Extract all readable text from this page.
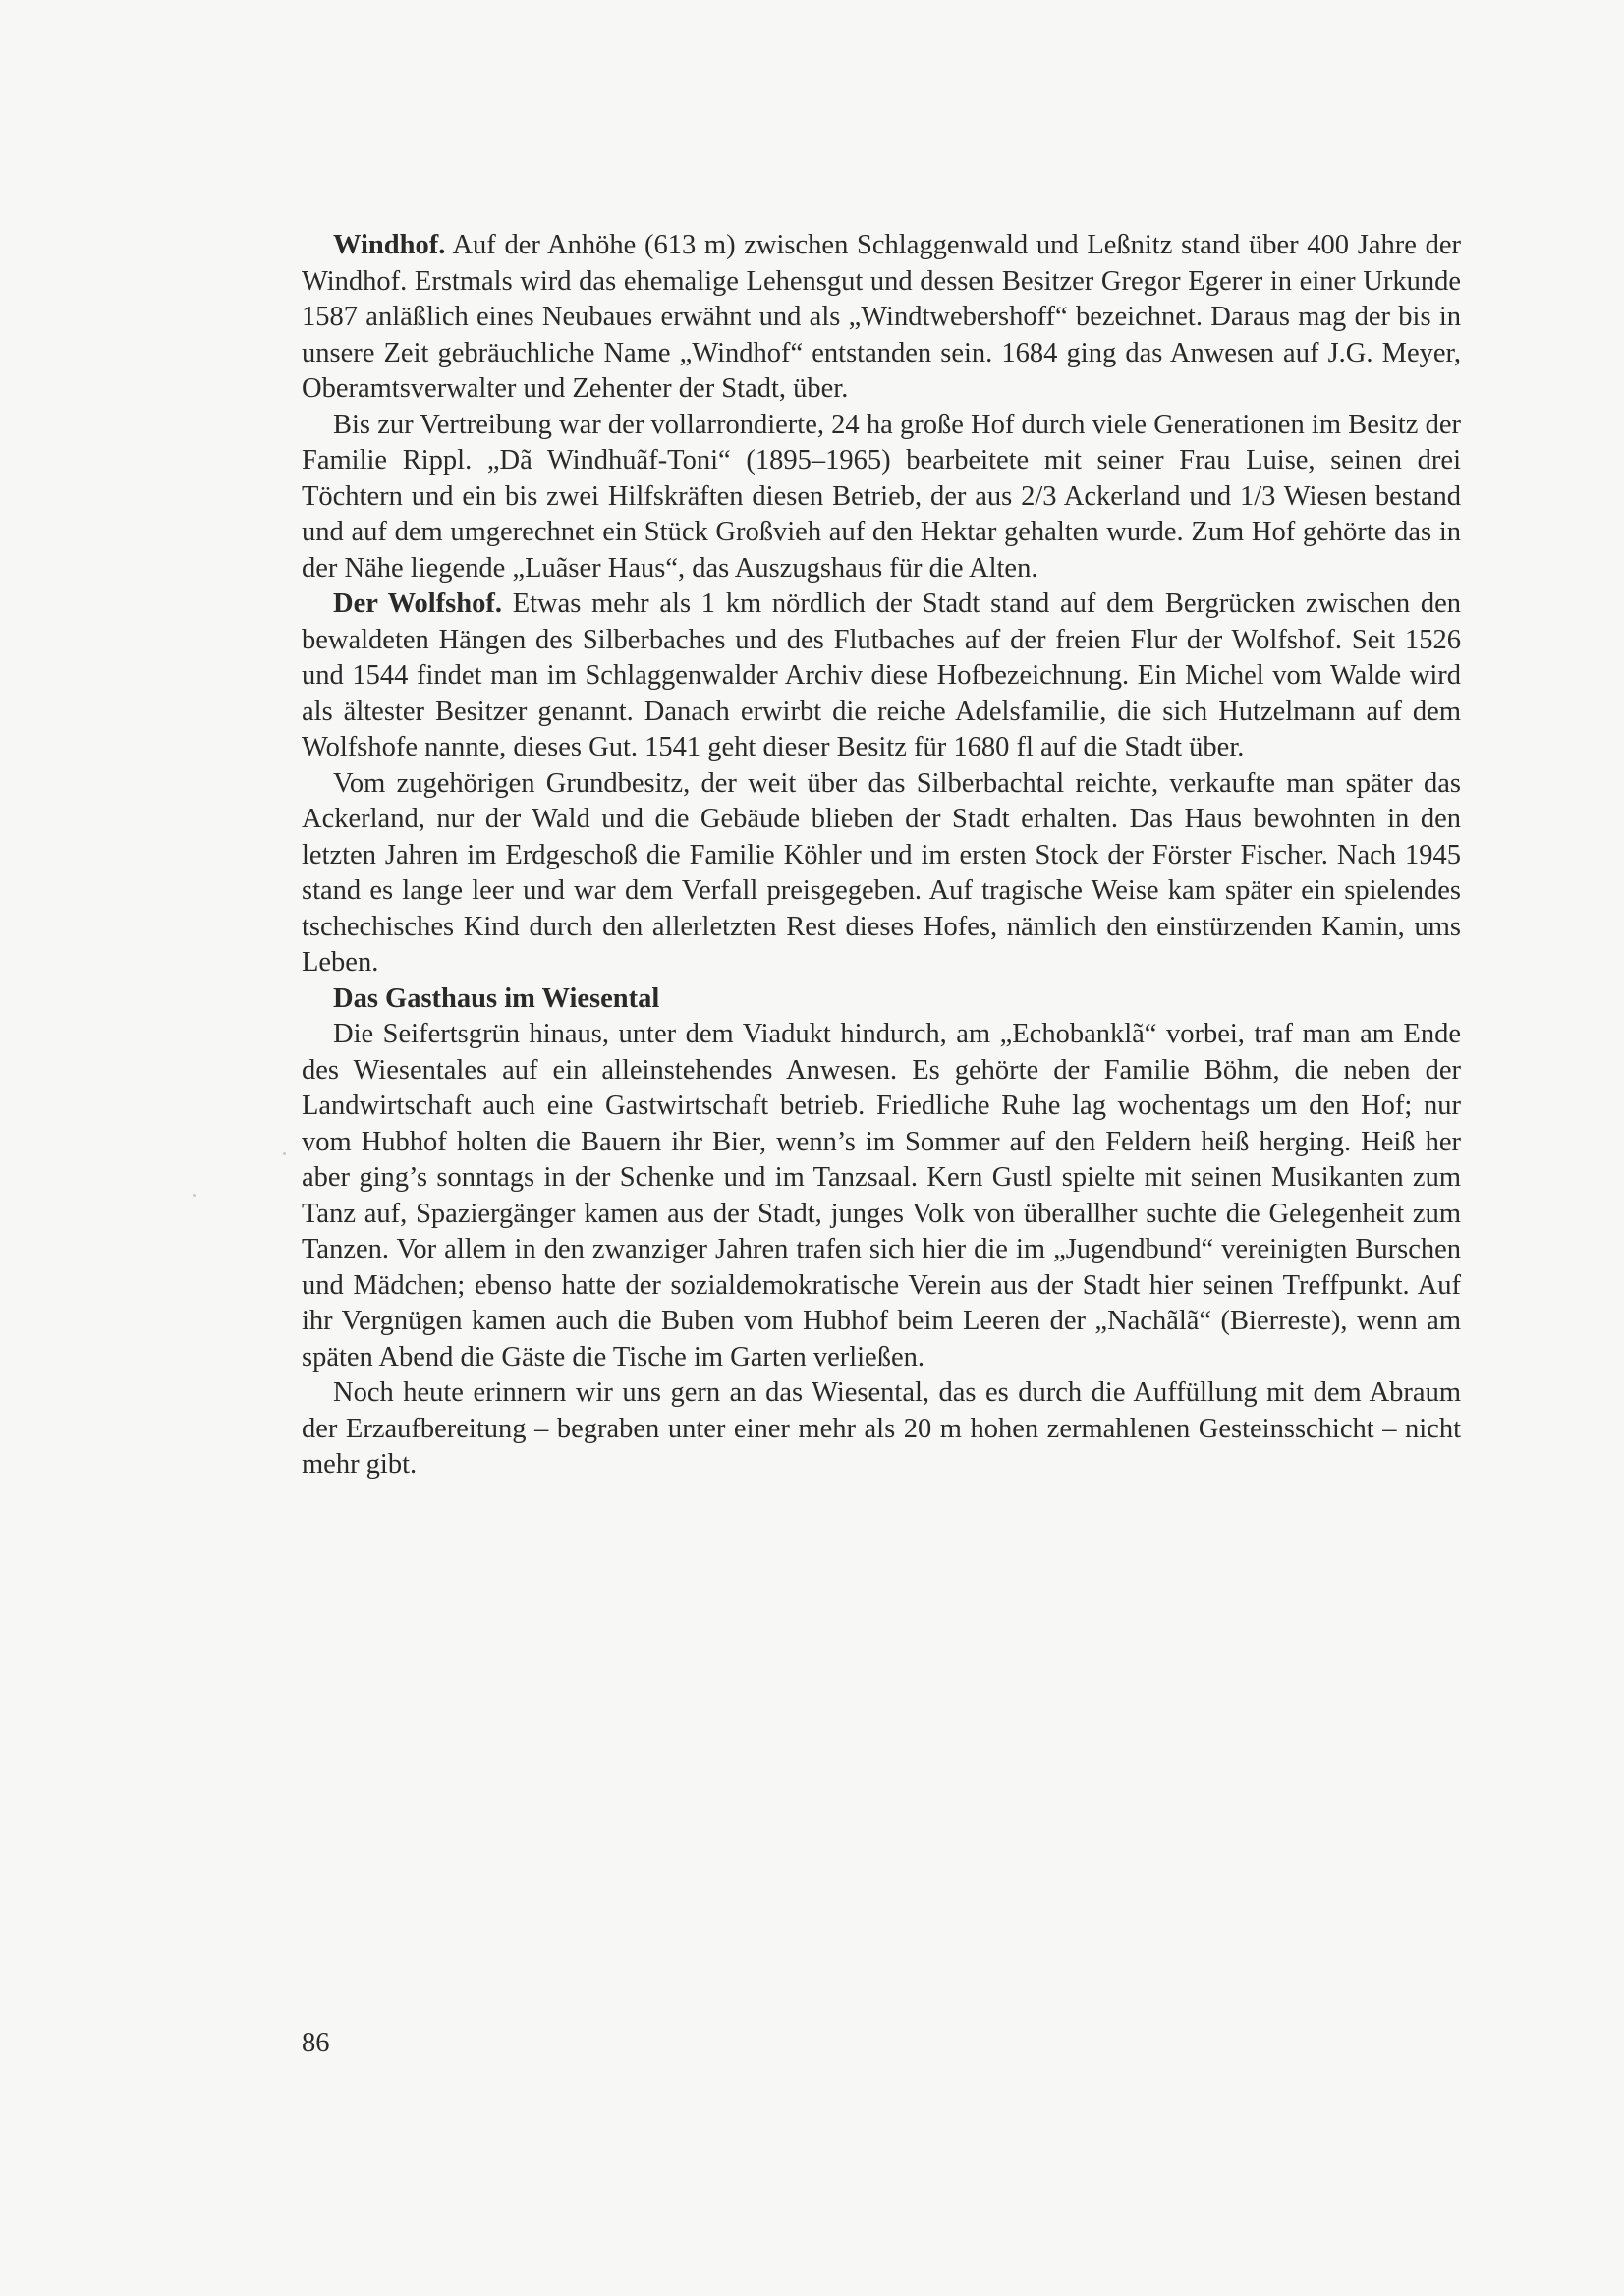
Windhof. Auf der Anhöhe (613 m) zwischen Schlaggenwald und Leßnitz stand über 400 Jahre der Windhof. Erstmals wird das ehemalige Lehensgut und dessen Besitzer Gregor Egerer in einer Urkunde 1587 anläßlich eines Neubaues erwähnt und als „Windtwebershoff“ bezeichnet. Daraus mag der bis in unsere Zeit gebräuchliche Name „Windhof“ entstanden sein. 1684 ging das Anwesen auf J.G. Meyer, Oberamtsverwalter und Zehenter der Stadt, über.

Bis zur Vertreibung war der vollarrondierte, 24 ha große Hof durch viele Generationen im Besitz der Familie Rippl. „Dã Windhuãf-Toni“ (1895–1965) bearbeitete mit seiner Frau Luise, seinen drei Töchtern und ein bis zwei Hilfskräften diesen Betrieb, der aus 2/3 Ackerland und 1/3 Wiesen bestand und auf dem umgerechnet ein Stück Großvieh auf den Hektar gehalten wurde. Zum Hof gehörte das in der Nähe liegende „Luãser Haus“, das Auszugshaus für die Alten.

Der Wolfshof. Etwas mehr als 1 km nördlich der Stadt stand auf dem Bergrücken zwischen den bewaldeten Hängen des Silberbaches und des Flutbaches auf der freien Flur der Wolfshof. Seit 1526 und 1544 findet man im Schlaggenwalder Archiv diese Hofbezeichnung. Ein Michel vom Walde wird als ältester Besitzer genannt. Danach erwirbt die reiche Adelsfamilie, die sich Hutzelmann auf dem Wolfshofe nannte, dieses Gut. 1541 geht dieser Besitz für 1680 fl auf die Stadt über.

Vom zugehörigen Grundbesitz, der weit über das Silberbachtal reichte, verkaufte man später das Ackerland, nur der Wald und die Gebäude blieben der Stadt erhalten. Das Haus bewohnten in den letzten Jahren im Erdgeschoß die Familie Köhler und im ersten Stock der Förster Fischer. Nach 1945 stand es lange leer und war dem Verfall preisgegeben. Auf tragische Weise kam später ein spielendes tschechisches Kind durch den allerletzten Rest dieses Hofes, nämlich den einstürzenden Kamin, ums Leben.

Das Gasthaus im Wiesental

Die Seifertsgrün hinaus, unter dem Viadukt hindurch, am „Echobanklã“ vorbei, traf man am Ende des Wiesentales auf ein alleinstehendes Anwesen. Es gehörte der Familie Böhm, die neben der Landwirtschaft auch eine Gastwirtschaft betrieb. Friedliche Ruhe lag wochentags um den Hof; nur vom Hubhof holten die Bauern ihr Bier, wenn’s im Sommer auf den Feldern heiß herging. Heiß her aber ging’s sonntags in der Schenke und im Tanzsaal. Kern Gustl spielte mit seinen Musikanten zum Tanz auf, Spaziergänger kamen aus der Stadt, junges Volk von überallher suchte die Gelegenheit zum Tanzen. Vor allem in den zwanziger Jahren trafen sich hier die im „Jugendbund“ vereinigten Burschen und Mädchen; ebenso hatte der sozialdemokratische Verein aus der Stadt hier seinen Treffpunkt. Auf ihr Vergnügen kamen auch die Buben vom Hubhof beim Leeren der „Nachãlã“ (Bierreste), wenn am späten Abend die Gäste die Tische im Garten verließen.

Noch heute erinnern wir uns gern an das Wiesental, das es durch die Auffüllung mit dem Abraum der Erzaufbereitung – begraben unter einer mehr als 20 m hohen zermahlenen Gesteinsschicht – nicht mehr gibt.

86
